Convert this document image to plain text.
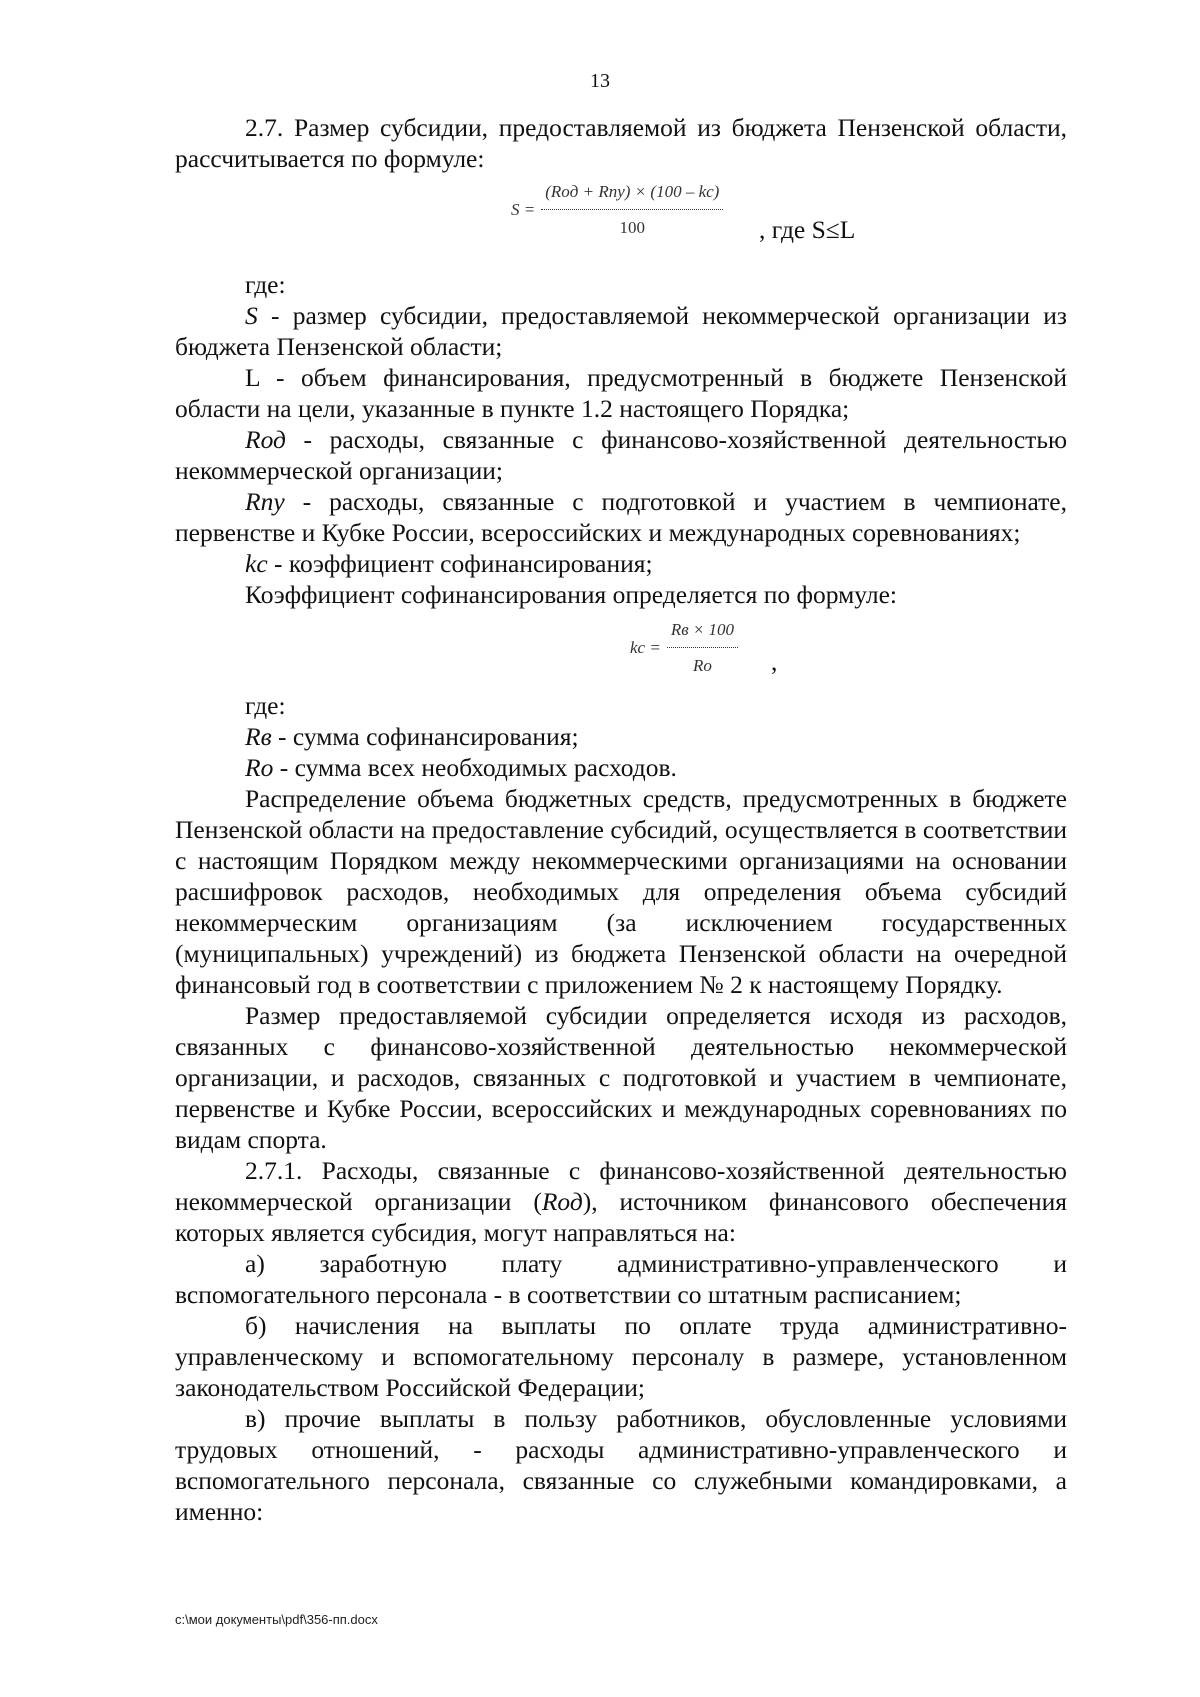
13

2.7. Размер субсидии, предоставляемой из бюджета Пензенской области, рассчитывается по формуле:

$S = \frac{\text{(Roд + Rny) × (100 – kc)}}{100}$ , где S≤L

где:

S - размер субсидии, предоставляемой некоммерческой организации из бюджета Пензенской области;

L - объем финансирования, предусмотренный в бюджете Пензенской области на цели, указанные в пункте 1.2 настоящего Порядка;

Rод - расходы, связанные с финансово-хозяйственной деятельностью некоммерческой организации;

Rпу - расходы, связанные с подготовкой и участием в чемпионате, первенстве и Кубке России, всероссийских и международных соревнованиях;

kc - коэффициент софинансирования;

Коэффициент софинансирования определяется по формуле:

kc = $\frac{Rв \times 100}{Ro}$ ,

где:

Rв - сумма софинансирования;

Ro - сумма всех необходимых расходов.

Распределение объема бюджетных средств, предусмотренных в бюджете Пензенской области на предоставление субсидий, осуществляется в соответствии с настоящим Порядком между некоммерческими организациями на основании расшифровок расходов, необходимых для определения объема субсидий некоммерческим организациям (за исключением государственных (муниципальных) учреждений) из бюджета Пензенской области на очередной финансовый год в соответствии с приложением № 2 к настоящему Порядку.

Размер предоставляемой субсидии определяется исходя из расходов, связанных с финансово-хозяйственной деятельностью некоммерческой организации, и расходов, связанных с подготовкой и участием в чемпионате, первенстве и Кубке России, всероссийских и международных соревнованиях по видам спорта.

2.7.1. Расходы, связанные с финансово-хозяйственной деятельностью некоммерческой организации (Rод), источником финансового обеспечения которых является субсидия, могут направляться на:

а) заработную плату административно-управленческого и вспомогательного персонала - в соответствии со штатным расписанием;

б) начисления на выплаты по оплате труда административно-управленческому и вспомогательному персоналу в размере, установленном законодательством Российской Федерации;

в) прочие выплаты в пользу работников, обусловленные условиями трудовых отношений, - расходы административно-управленческого и вспомогательного персонала, связанные со служебными командировками, а именно:

c:\мои документы\pdf\356-пп.docx
